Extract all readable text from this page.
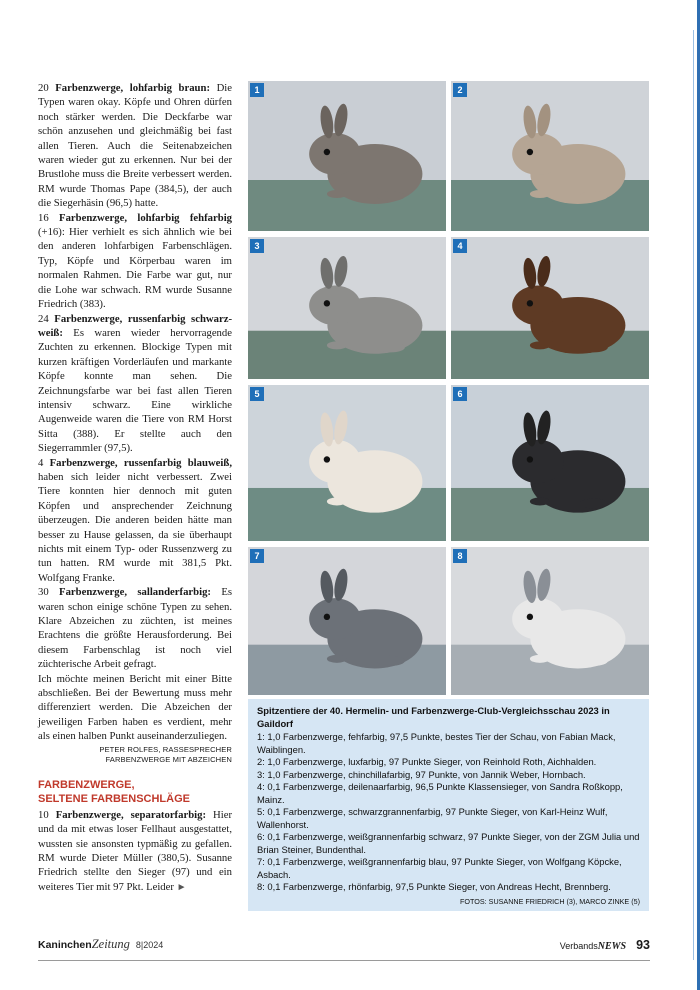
20 Farbenzwerge, lohfarbig braun: Die Typen waren okay. Köpfe und Ohren dürfen noch stärker werden. Die Deckfarbe war schön anzusehen und gleichmäßig bei fast allen Tieren. Auch die Seitenabzeichen waren wieder gut zu erkennen. Nur bei der Brustlohe muss die Breite verbessert werden. RM wurde Thomas Pape (384,5), der auch die Siegerhäsin (96,5) hatte.

16 Farbenzwerge, lohfarbig fehfarbig (+16): Hier verhielt es sich ähnlich wie bei den anderen lohfarbigen Farbenschlägen. Typ, Köpfe und Körperbau waren im normalen Rahmen. Die Farbe war gut, nur die Lohe war schwach. RM wurde Susanne Friedrich (383).

24 Farbenzwerge, russenfarbig schwarz-weiß: Es waren wieder hervorragende Zuchten zu erkennen. Blockige Typen mit kurzen kräftigen Vorderläufen und markante Köpfe konnte man sehen. Die Zeichnungsfarbe war bei fast allen Tieren intensiv schwarz. Eine wirkliche Augenweide waren die Tiere von RM Horst Sitta (388). Er stellte auch den Siegerrammler (97,5).

4 Farbenzwerge, russenfarbig blauweiß, haben sich leider nicht verbessert. Zwei Tiere konnten hier dennoch mit guten Köpfen und ansprechender Zeichnung überzeugen. Die anderen beiden hätte man besser zu Hause gelassen, da sie überhaupt nichts mit einem Typ- oder Russenzwerg zu tun hatten. RM wurde mit 381,5 Pkt. Wolfgang Franke.

30 Farbenzwerge, sallanderfarbig: Es waren schon einige schöne Typen zu sehen. Klare Abzeichen zu züchten, ist meines Erachtens die größte Herausforderung. Bei diesem Farbenschlag ist noch viel züchterische Arbeit gefragt.

Ich möchte meinen Bericht mit einer Bitte abschließen. Bei der Bewertung muss mehr differenziert werden. Die Abzeichen der jeweiligen Farben haben es verdient, mehr als einen halben Punkt auseinanderzuliegen.

PETER ROLFES, RASSESPRECHER
FARBENZWERGE MIT ABZEICHEN
FARBENZWERGE,
SELTENE FARBENSCHLÄGE

10 Farbenzwerge, separatorfarbig: Hier und da mit etwas loser Fellhaut ausgestattet, wussten sie ansonsten typmäßig zu gefallen. RM wurde Dieter Müller (380,5). Susanne Friedrich stellte den Sieger (97) und ein weiteres Tier mit 97 Pkt. Leider ►

1	2
3	4
5	6
7	8
Spitzentiere der 40. Hermelin- und Farbenzwerge-Club-Vergleichsschau 2023 in Gaildorf
1: 1,0 Farbenzwerge, fehfarbig, 97,5 Punkte, bestes Tier der Schau, von Fabian Mack, Waiblingen.
2: 1,0 Farbenzwerge, luxfarbig, 97 Punkte Sieger, von Reinhold Roth, Aichhalden.
3: 1,0 Farbenzwerge, chinchillafarbig, 97 Punkte, von Jannik Weber, Hornbach.
4: 0,1 Farbenzwerge, deilenaarfarbig, 96,5 Punkte Klassensieger, von Sandra Roßkopp, Mainz.
5: 0,1 Farbenzwerge, schwarzgrannenfarbig, 97 Punkte Sieger, von Karl-Heinz Wulf, Wallenhorst.
6: 0,1 Farbenzwerge, weißgrannenfarbig schwarz, 97 Punkte Sieger, von der ZGM Julia und Brian Steiner, Bundenthal.
7: 0,1 Farbenzwerge, weißgrannenfarbig blau, 97 Punkte Sieger, von Wolfgang Köpcke, Asbach.
8: 0,1 Farbenzwerge, rhönfarbig, 97,5 Punkte Sieger, von Andreas Hecht, Brennberg.
FOTOS: SUSANNE FRIEDRICH (3), MARCO ZINKE (5)
Kaninchen Zeitung 8|2024	VerbandsNEWS 93
